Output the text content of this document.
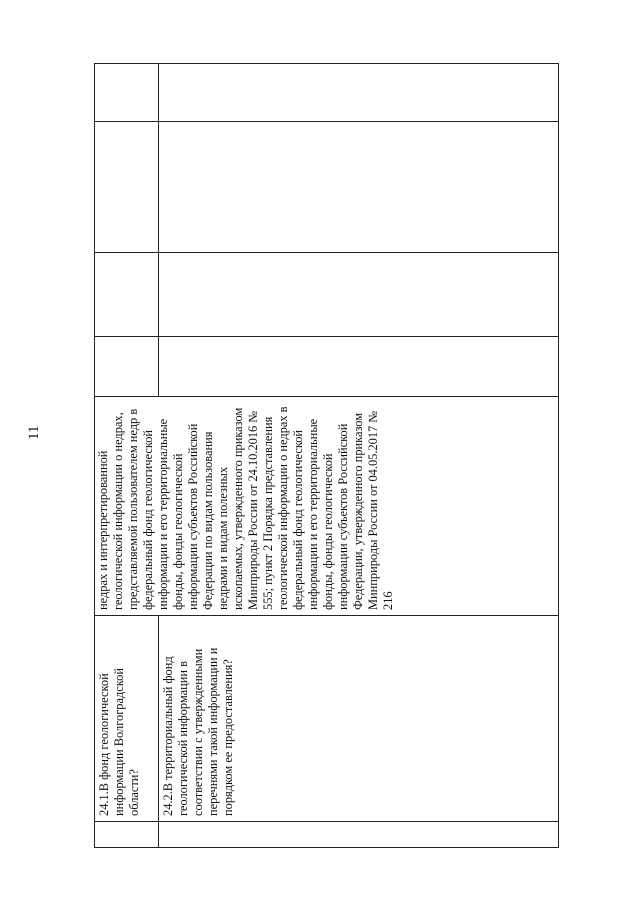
11
	24.1.В фонд геологической информации Волгоградской области?	недрах и интерпретированной геологической информации о недрах, представляемой пользователем недр в федеральный фонд геологической информации и его территориальные фонды, фонды геологической информации субъектов Российской Федерации по видам пользования недрами и видам полезных ископаемых, утвержденного приказом Минприроды России от 24.10.2016 № 555; пункт 2 Порядка представления геологической информации о недрах в федеральный фонд геологической информации и его территориальные фонды, фонды геологической информации субъектов Российской Федерации, утвержденного приказом Минприроды России от 04.05.2017 № 216				
	24.2.В территориальный фонд геологической информации в соответствии с утвержденными перечнями такой информации и порядком ее предоставления?					
